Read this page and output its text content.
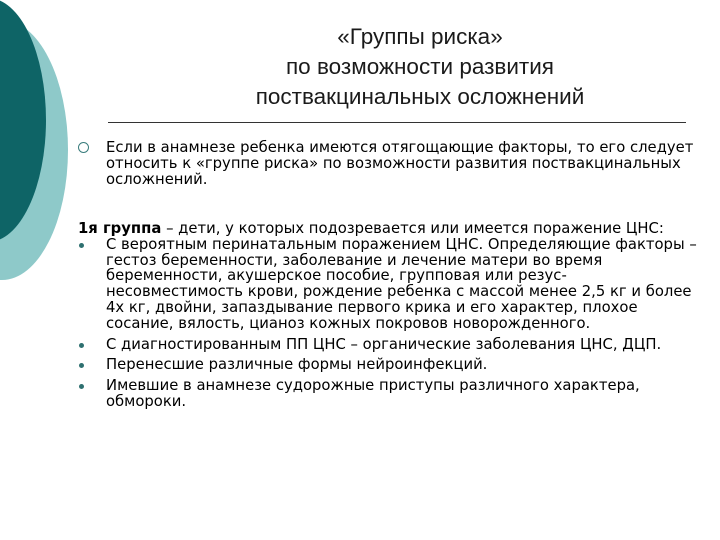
«Группы риска»
по возможности развития
поствакцинальных осложнений
Если в анамнезе ребенка имеются отягощающие факторы, то его следует относить к «группе риска» по возможности развития поствакцинальных осложнений.
1я группа – дети, у которых подозревается или имеется поражение ЦНС:
С вероятным перинатальным поражением ЦНС. Определяющие факторы – гестоз беременности, заболевание и лечение матери во время беременности, акушерское пособие, групповая или резус-несовместимость крови, рождение ребенка с массой менее 2,5 кг и более 4х кг, двойни, запаздывание первого крика и его характер, плохое сосание, вялость, цианоз кожных покровов новорожденного.
С диагностированным ПП ЦНС – органические заболевания ЦНС, ДЦП.
Перенесшие различные формы нейроинфекций.
Имевшие в анамнезе судорожные приступы различного характера, обмороки.
